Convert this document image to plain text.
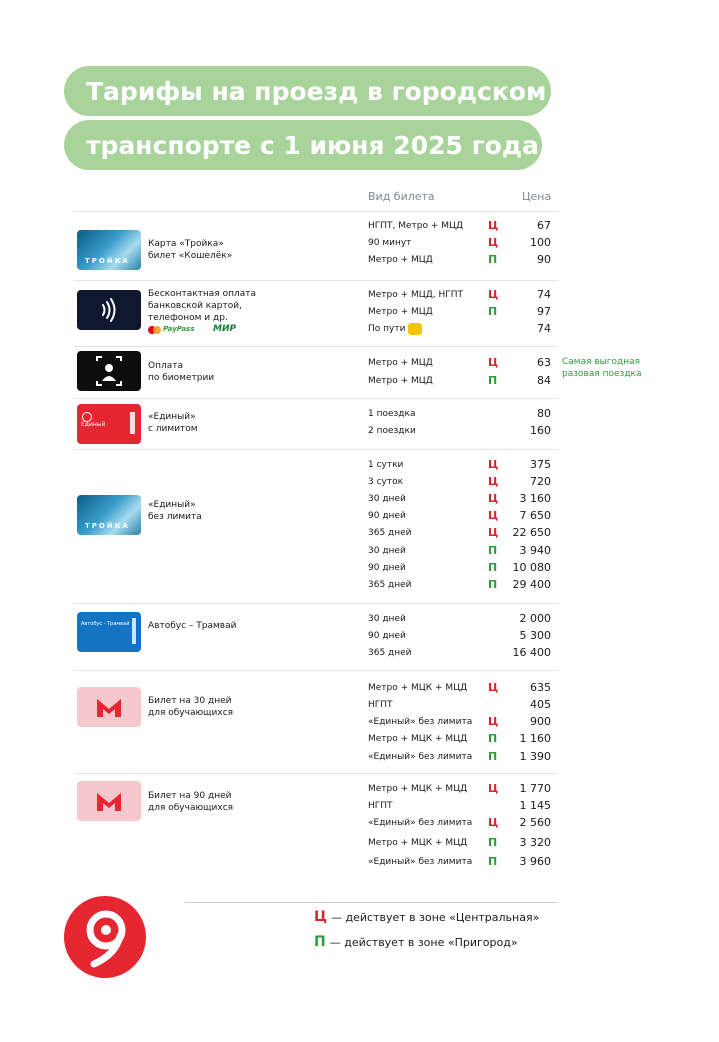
Тарифы на проезд в городском
транспорте с 1 июня 2025 года
Вид билета	Цена
ТРОЙКА
Карта «Тройка»
билет «Кошелёк»
НГПТ, Метро + МЦД Ц	67
90 минут	Ц	100
Метро + МЦД	П	90
Бесконтактная оплата
банковской картой,
телефоном и др.
PayPass МИР
Метро + МЦД, НГПТ Ц	74
Метро + МЦД	П	97
По пути	74
Оплата
по биометрии
Метро + МЦД	Ц	63
Метро + МЦД	П	84
Единый
«Единый»
с лимитом
1 поездка	80
2 поездки	160
ТРОЙКА
«Единый»
без лимита
1 сутки	Ц	375
3 суток	Ц	720
30 дней	Ц 3 160
90 дней	Ц 7 650
365 дней	Ц 22 650
30 дней	П 3 940
90 дней	П 10 080
365 дней	П 29 400
Автобус - Трамвай Автобус – Трамвай
30 дней	2 000
90 дней	5 300
365 дней	16 400
Билет на 30 дней
для обучающихся
Метро + МЦК + МЦД Ц	635
НГПТ	405
«Единый» без лимита Ц	900
Метро + МЦК + МЦД П 1 160
«Единый» без лимита П 1 390
Билет на 90 дней
для обучающихся
Метро + МЦК + МЦД Ц 1 770
НГПТ	1 145
«Единый» без лимита Ц 2 560
Метро + МЦК + МЦД П 3 320
«Единый» без лимита П 3 960
Самая выгодная
разовая поездка
Ц — действует в зоне «Центральная»
П — действует в зоне «Пригород»
